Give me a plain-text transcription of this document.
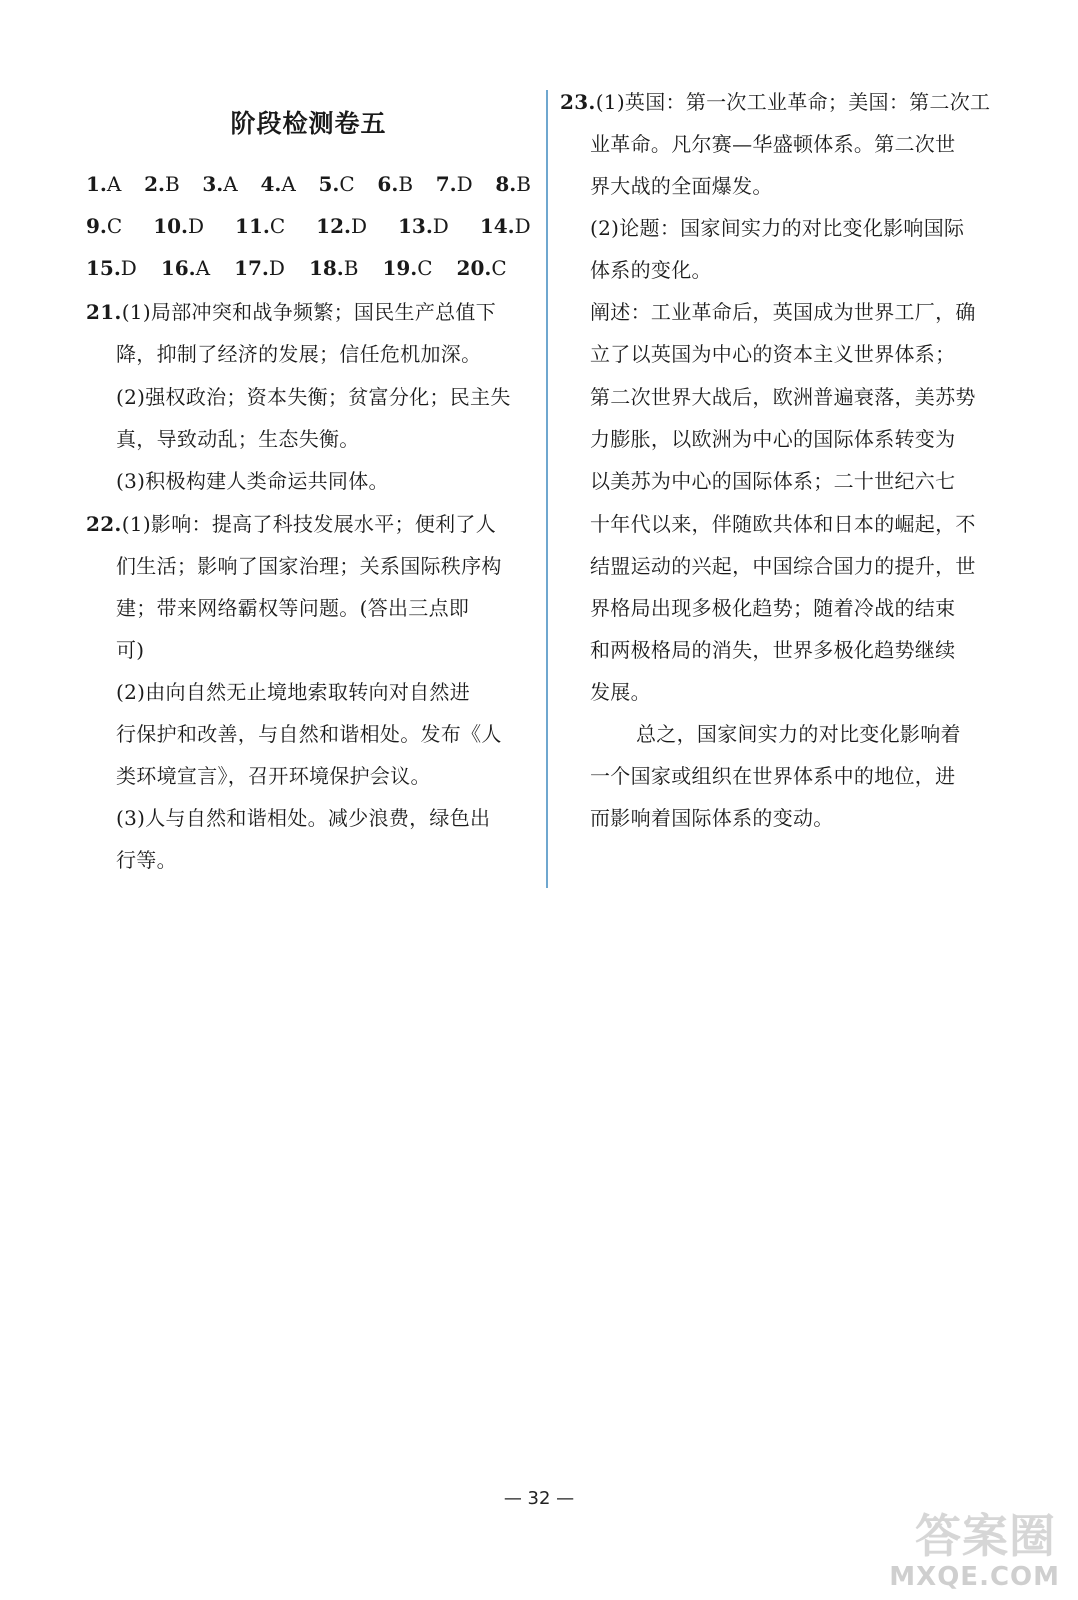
阶段检测卷五
1. A 2. B 3. A 4. A 5. C 6. B 7. D 8. B
9. C 10. D 11. C 12. D 13. D 14. D
15. D 16. A 17. D 18. B 19. C 20. C
21.(1)局部冲突和战争频繁；国民生产总值下
降，抑制了经济的发展；信任危机加深。
(2)强权政治；资本失衡；贫富分化；民主失
真，导致动乱；生态失衡。
(3)积极构建人类命运共同体。
22.(1)影响：提高了科技发展水平；便利了人
们生活；影响了国家治理；关系国际秩序构
建；带来网络霸权等问题。(答出三点即
可)
(2)由向自然无止境地索取转向对自然进
行保护和改善，与自然和谐相处。发布《人
类环境宣言》，召开环境保护会议。
(3)人与自然和谐相处。减少浪费，绿色出
行等。
23.(1)英国：第一次工业革命；美国：第二次工
业革命。凡尔赛—华盛顿体系。第二次世
界大战的全面爆发。
(2)论题：国家间实力的对比变化影响国际
体系的变化。
阐述：工业革命后，英国成为世界工厂，确
立了以英国为中心的资本主义世界体系；
第二次世界大战后，欧洲普遍衰落，美苏势
力膨胀，以欧洲为中心的国际体系转变为
以美苏为中心的国际体系；二十世纪六七
十年代以来，伴随欧共体和日本的崛起，不
结盟运动的兴起，中国综合国力的提升，世
界格局出现多极化趋势；随着冷战的结束
和两极格局的消失，世界多极化趋势继续
发展。
总之，国家间实力的对比变化影响着
一个国家或组织在世界体系中的地位，进
而影响着国际体系的变动。
— 32 —
答案圈
MXQE.COM
